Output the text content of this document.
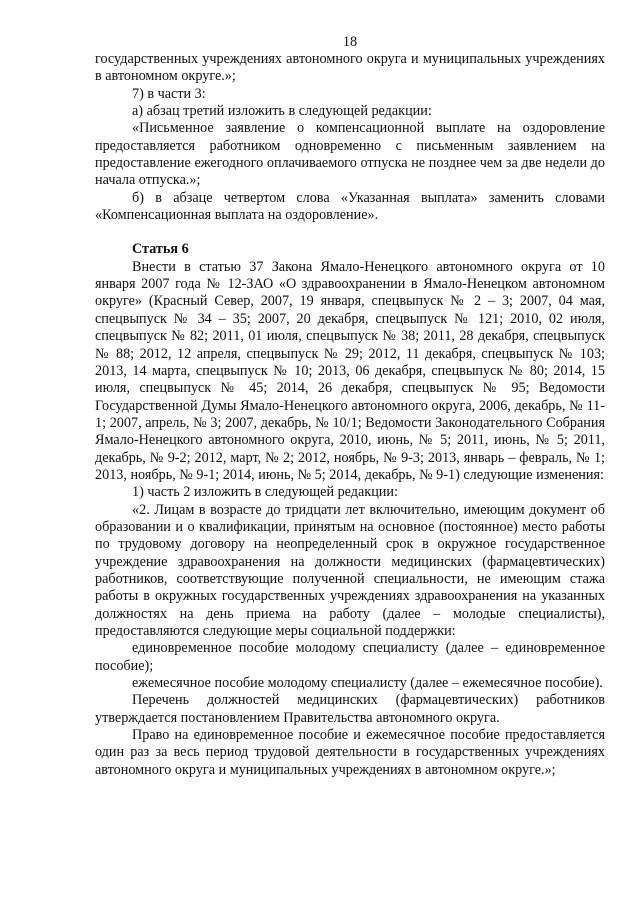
18

государственных учреждениях автономного округа и муниципальных учреждениях в автономном округе.»;

7) в части 3:

а) абзац третий изложить в следующей редакции:

«Письменное заявление о компенсационной выплате на оздоровление предоставляется работником одновременно с письменным заявлением на предоставление ежегодного оплачиваемого отпуска не позднее чем за две недели до начала отпуска.»;

б) в абзаце четвертом слова «Указанная выплата» заменить словами «Компенсационная выплата на оздоровление».

Статья 6

Внести в статью 37 Закона Ямало-Ненецкого автономного округа от 10 января 2007 года № 12-ЗАО «О здравоохранении в Ямало-Ненецком автономном округе» (Красный Север, 2007, 19 января, спецвыпуск № 2 – 3; 2007, 04 мая, спецвыпуск № 34 – 35; 2007, 20 декабря, спецвыпуск № 121; 2010, 02 июля, спецвыпуск № 82; 2011, 01 июля, спецвыпуск № 38; 2011, 28 декабря, спецвыпуск № 88; 2012, 12 апреля, спецвыпуск № 29; 2012, 11 декабря, спецвыпуск № 103; 2013, 14 марта, спецвыпуск № 10; 2013, 06 декабря, спецвыпуск № 80; 2014, 15 июля, спецвыпуск № 45; 2014, 26 декабря, спецвыпуск № 95; Ведомости Государственной Думы Ямало-Ненецкого автономного округа, 2006, декабрь, № 11-1; 2007, апрель, № 3; 2007, декабрь, № 10/1; Ведомости Законодательного Собрания Ямало-Ненецкого автономного округа, 2010, июнь, № 5; 2011, июнь, № 5; 2011, декабрь, № 9-2; 2012, март, № 2; 2012, ноябрь, № 9-3; 2013, январь – февраль, № 1; 2013, ноябрь, № 9-1; 2014, июнь, № 5; 2014, декабрь, № 9-1) следующие изменения:

1) часть 2 изложить в следующей редакции:

«2. Лицам в возрасте до тридцати лет включительно, имеющим документ об образовании и о квалификации, принятым на основное (постоянное) место работы по трудовому договору на неопределенный срок в окружное государственное учреждение здравоохранения на должности медицинских (фармацевтических) работников, соответствующие полученной специальности, не имеющим стажа работы в окружных государственных учреждениях здравоохранения на указанных должностях на день приема на работу (далее – молодые специалисты), предоставляются следующие меры социальной поддержки:

единовременное пособие молодому специалисту (далее – единовременное пособие);

ежемесячное пособие молодому специалисту (далее – ежемесячное пособие).

Перечень должностей медицинских (фармацевтических) работников утверждается постановлением Правительства автономного округа.

Право на единовременное пособие и ежемесячное пособие предоставляется один раз за весь период трудовой деятельности в государственных учреждениях автономного округа и муниципальных учреждениях в автономном округе.»;
